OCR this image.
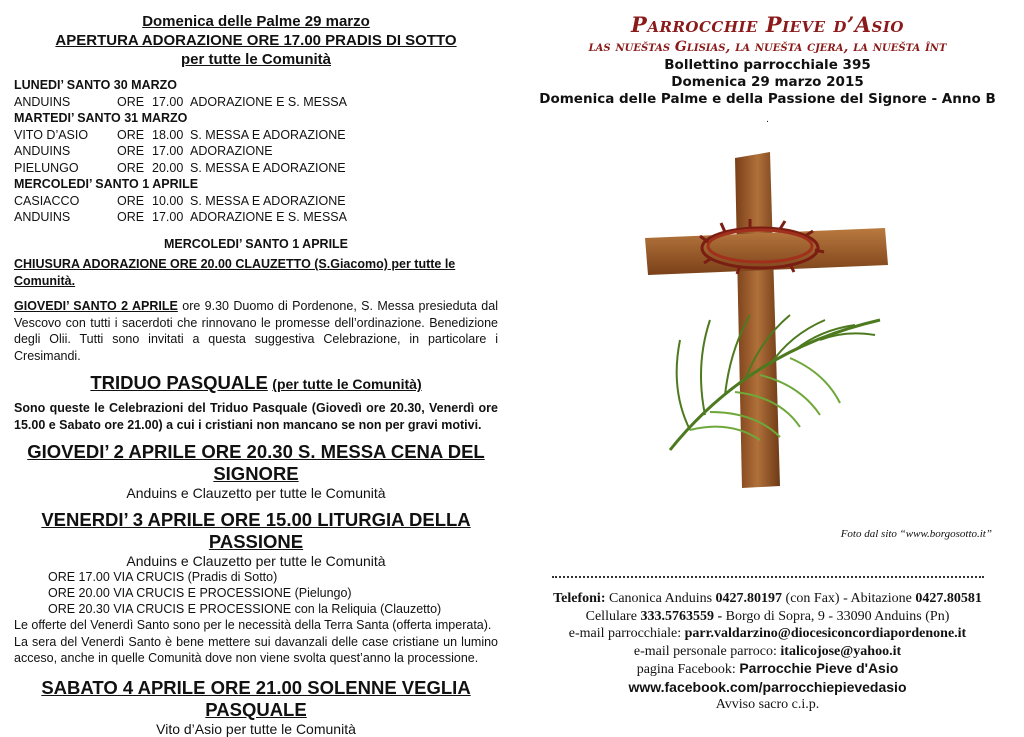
Domenica delle Palme 29 marzo
APERTURA ADORAZIONE ORE 17.00 PRADIS DI SOTTO
per tutte le Comunità
LUNEDI’ SANTO 30 MARZO
ANDUINS	ORE 17.00 ADORAZIONE E S. MESSA
MARTEDI’ SANTO 31 MARZO
VITO D’ASIO	ORE 18.00 S. MESSA E ADORAZIONE
ANDUINS	ORE 17.00 ADORAZIONE
PIELUNGO	ORE 20.00 S. MESSA E ADORAZIONE
MERCOLEDI’ SANTO 1 APRILE
CASIACCO	ORE 10.00 S. MESSA E ADORAZIONE
ANDUINS	ORE 17.00 ADORAZIONE E S. MESSA
MERCOLEDI’ SANTO 1 APRILE
CHIUSURA ADORAZIONE ORE 20.00 CLAUZETTO (S.Giacomo) per tutte le Comunità.
GIOVEDI’ SANTO 2 APRILE ore 9.30 Duomo di Pordenone, S. Messa presieduta dal Vescovo con tutti i sacerdoti che rinnovano le promesse dell’ordinazione. Benedizione degli Olii. Tutti sono invitati a questa suggestiva Celebrazione, in particolare i Cresimandi.
TRIDUO PASQUALE (per tutte le Comunità)
Sono queste le Celebrazioni del Triduo Pasquale (Giovedì ore 20.30, Venerdì ore 15.00 e Sabato ore 21.00) a cui i cristiani non mancano se non per gravi motivi.
GIOVEDI’ 2 APRILE ORE 20.30 S. MESSA CENA DEL SIGNORE
Anduins e Clauzetto per tutte le Comunità
VENERDI’ 3 APRILE ORE 15.00 LITURGIA DELLA PASSIONE
Anduins e Clauzetto per tutte le Comunità
ORE 17.00 VIA CRUCIS (Pradis di Sotto)
ORE 20.00 VIA CRUCIS E PROCESSIONE (Pielungo)
ORE 20.30 VIA CRUCIS E PROCESSIONE con la Reliquia (Clauzetto)
Le offerte del Venerdì Santo sono per le necessità della Terra Santa (offerta imperata).
La sera del Venerdì Santo è bene mettere sui davanzali delle case cristiane un lumino acceso, anche in quelle Comunità dove non viene svolta quest’anno la processione.
SABATO 4 APRILE ORE 21.00 SOLENNE VEGLIA PASQUALE
Vito d’Asio per tutte le Comunità
Parrocchie Pieve d’Asio
las nueštas Glisias, la nuešta cjera, la nuešta înt
Bollettino parrocchiale 395
Domenica 29 marzo 2015
Domenica delle Palme e della Passione del Signore - Anno B
.
Foto dal sito “www.borgosotto.it”
Telefoni: Canonica Anduins 0427.80197 (con Fax) - Abitazione 0427.80581
Cellulare 333.5763559 - Borgo di Sopra, 9 - 33090 Anduins (Pn)
e-mail parrocchiale: parr.valdarzino@diocesiconcordiapordenone.it
e-mail personale parroco: italicojose@yahoo.it
pagina Facebook: Parrocchie Pieve d'Asio
www.facebook.com/parrocchiepievedasio
Avviso sacro c.i.p.
